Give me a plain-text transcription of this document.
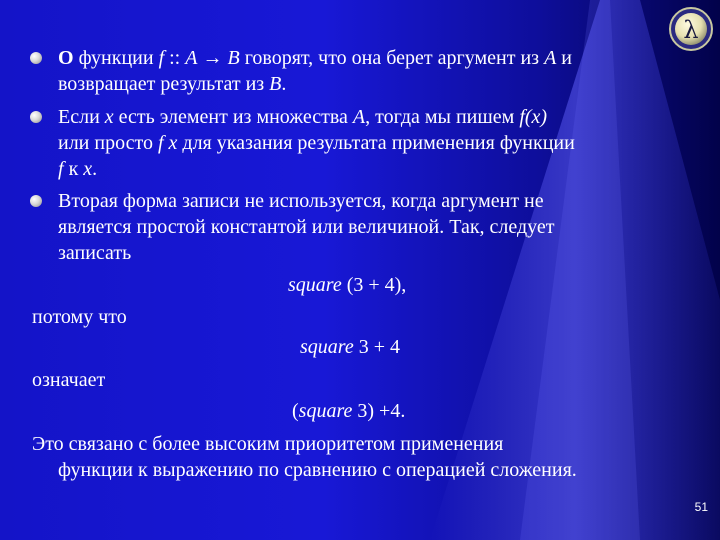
λ
О функции f :: A → B говорят, что она берет аргумент из A и
возвращает результат из B.
Если x есть элемент из множества A, тогда мы пишем f(x)
или просто f x для указания результата применения функции
f к x.
Вторая форма записи не используется, когда аргумент не
является простой константой или величиной. Так, следует
записать
square (3 + 4),
потому что
square 3 + 4
означает
(square 3) +4.
Это связано с более высоким приоритетом применения
функции к выражению по сравнению с операцией сложения.
51
